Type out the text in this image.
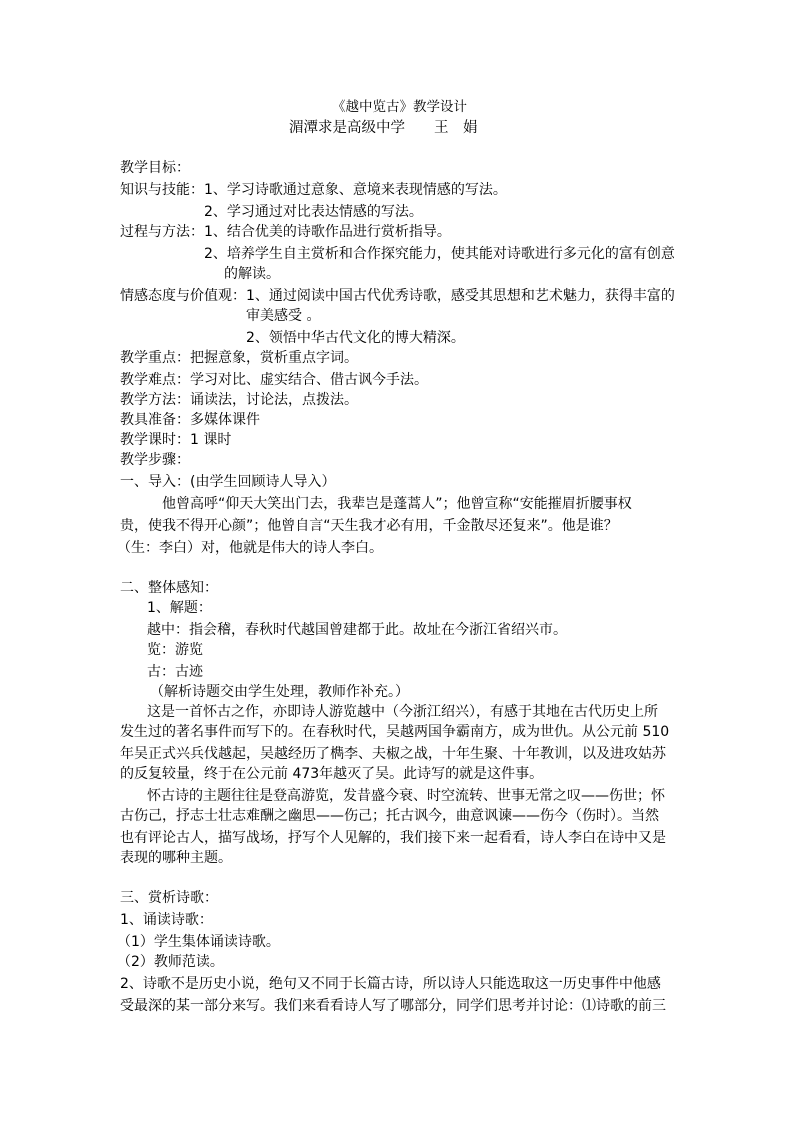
《越中览古》教学设计
湄潭求是高级中学　　王　娟
教学目标：
知识与技能：1、学习诗歌通过意象、意境来表现情感的写法。
2、学习通过对比表达情感的写法。
过程与方法：1、结合优美的诗歌作品进行赏析指导。
2、培养学生自主赏析和合作探究能力，使其能对诗歌进行多元化的富有创意
的解读。
情感态度与价值观：1、通过阅读中国古代优秀诗歌，感受其思想和艺术魅力，获得丰富的
审美感受 。
2、领悟中华古代文化的博大精深。
教学重点：把握意象，赏析重点字词。
教学难点：学习对比、虚实结合、借古讽今手法。
教学方法：诵读法，讨论法，点拨法。
教具准备：多媒体课件
教学课时：1 课时
教学步骤：
一、导入：(由学生回顾诗人导入）
他曾高呼“仰天大笑出门去，我辈岂是蓬蒿人”；他曾宣称“安能摧眉折腰事权
贵，使我不得开心颜”；他曾自言“天生我才必有用，千金散尽还复来”。他是谁？
（生：李白）对，他就是伟大的诗人李白。
二、整体感知：
1、解题：
越中：指会稽，春秋时代越国曾建都于此。故址在今浙江省绍兴市。
览：游览
古：古迹
（解析诗题交由学生处理，教师作补充。）
这是一首怀古之作，亦即诗人游览越中（今浙江绍兴），有感于其地在古代历史上所
发生过的著名事件而写下的。在春秋时代，吴越两国争霸南方，成为世仇。从公元前 510
年吴正式兴兵伐越起，吴越经历了檇李、夫椒之战，十年生聚、十年教训，以及进攻姑苏
的反复较量，终于在公元前 473年越灭了吴。此诗写的就是这件事。
怀古诗的主题往往是登高游览，发昔盛今衰、时空流转、世事无常之叹——伤世；怀
古伤己，抒志士壮志难酬之幽思——伤己；托古讽今，曲意讽谏——伤今（伤时）。当然
也有评论古人，描写战场，抒写个人见解的，我们接下来一起看看，诗人李白在诗中又是
表现的哪种主题。
三、赏析诗歌：
1、诵读诗歌：
（1）学生集体诵读诗歌。
（2）教师范读。
2、诗歌不是历史小说，绝句又不同于长篇古诗，所以诗人只能选取这一历史事件中他感
受最深的某一部分来写。我们来看看诗人写了哪部分，同学们思考并讨论：⑴诗歌的前三
